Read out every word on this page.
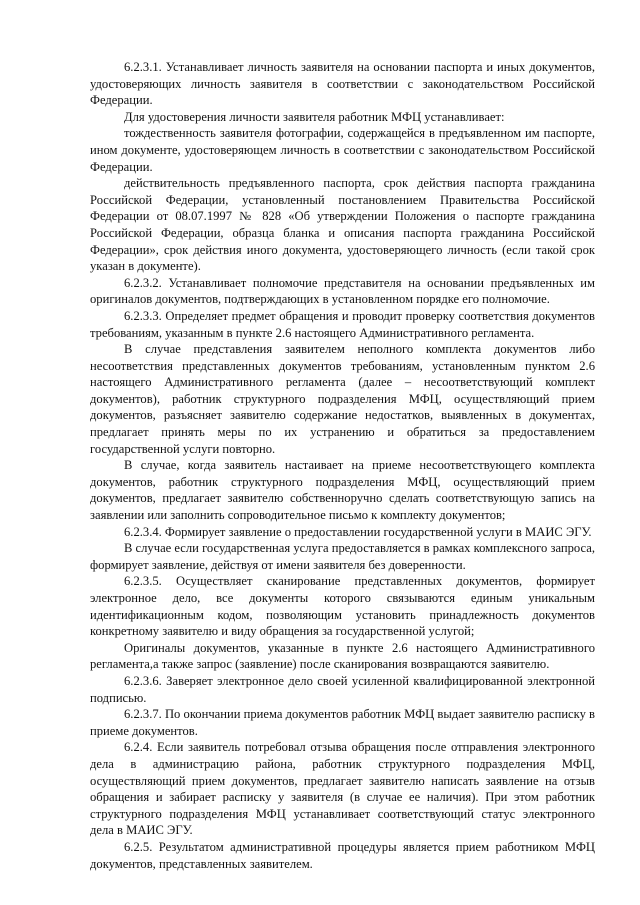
6.2.3.1. Устанавливает личность заявителя на основании паспорта и иных документов, удостоверяющих личность заявителя в соответствии с законодательством Российской Федерации.

Для удостоверения личности заявителя работник МФЦ устанавливает:

тождественность заявителя фотографии, содержащейся в предъявленном им паспорте, ином документе, удостоверяющем личность в соответствии с законодательством Российской Федерации.

действительность предъявленного паспорта, срок действия паспорта гражданина Российской Федерации, установленный постановлением Правительства Российской Федерации от 08.07.1997 № 828 «Об утверждении Положения о паспорте гражданина Российской Федерации, образца бланка и описания паспорта гражданина Российской Федерации», срок действия иного документа, удостоверяющего личность (если такой срок указан в документе).

6.2.3.2. Устанавливает полномочие представителя на основании предъявленных им оригиналов документов, подтверждающих в установленном порядке его полномочие.

6.2.3.3. Определяет предмет обращения и проводит проверку соответствия документов требованиям, указанным в пункте 2.6 настоящего Административного регламента.

В случае представления заявителем неполного комплекта документов либо несоответствия представленных документов требованиям, установленным пунктом 2.6 настоящего Административного регламента (далее – несоответствующий комплект документов), работник структурного подразделения МФЦ, осуществляющий прием документов, разъясняет заявителю содержание недостатков, выявленных в документах, предлагает принять меры по их устранению и обратиться за предоставлением государственной услуги повторно.

В случае, когда заявитель настаивает на приеме несоответствующего комплекта документов, работник структурного подразделения МФЦ, осуществляющий прием документов, предлагает заявителю собственноручно сделать соответствующую запись на заявлении или заполнить сопроводительное письмо к комплекту документов;

6.2.3.4. Формирует заявление о предоставлении государственной услуги в МАИС ЭГУ.

В случае если государственная услуга предоставляется в рамках комплексного запроса, формирует заявление, действуя от имени заявителя без доверенности.

6.2.3.5. Осуществляет сканирование представленных документов, формирует электронное дело, все документы которого связываются единым уникальным идентификационным кодом, позволяющим установить принадлежность документов конкретному заявителю и виду обращения за государственной услугой;

Оригиналы документов, указанные в пункте 2.6 настоящего Административного регламента,а также запрос (заявление) после сканирования возвращаются заявителю.

6.2.3.6. Заверяет электронное дело своей усиленной квалифицированной электронной подписью.

6.2.3.7. По окончании приема документов работник МФЦ выдает заявителю расписку в приеме документов.

6.2.4. Если заявитель потребовал отзыва обращения после отправления электронного дела в администрацию района, работник структурного подразделения МФЦ, осуществляющий прием документов, предлагает заявителю написать заявление на отзыв обращения и забирает расписку у заявителя (в случае ее наличия). При этом работник структурного подразделения МФЦ устанавливает соответствующий статус электронного дела в МАИС ЭГУ.

6.2.5. Результатом административной процедуры является прием работником МФЦ документов, представленных заявителем.
